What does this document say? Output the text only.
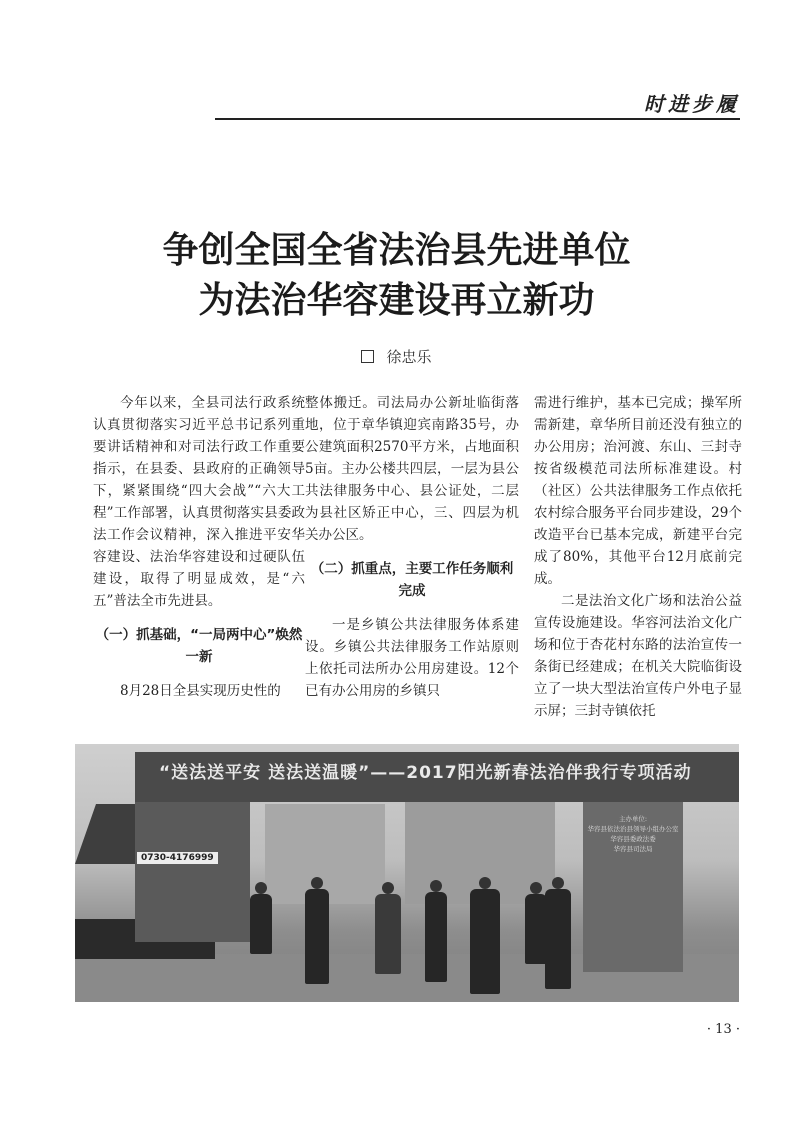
时进步履
争创全国全省法治县先进单位
为法治华容建设再立新功
徐忠乐

今年以来，全县司法行政系统认真贯彻落实习近平总书记系列重要讲话精神和对司法行政工作重要指示，在县委、县政府的正确领导下，紧紧围绕“四大会战”“六大工程”工作部署，认真贯彻落实县委政法工作会议精神，深入推进平安华容建设、法治华容建设和过硬队伍建设，取得了明显成效，是“六五”普法全市先进县。

（一）抓基础，“一局两中心”焕然一新

8月28日全县实现历史性的

整体搬迁。司法局办公新址临街落地，位于章华镇迎宾南路35号，办公建筑面积2570平方米，占地面积5亩。主办公楼共四层，一层为县公共法律服务中心、县公证处，二层为县社区矫正中心，三、四层为机关办公区。

（二）抓重点，主要工作任务顺利完成

一是乡镇公共法律服务体系建设。乡镇公共法律服务工作站原则上依托司法所办公用房建设。12个已有办公用房的乡镇只

需进行维护，基本已完成；操军所需新建，章华所目前还没有独立的办公用房；治河渡、东山、三封寺按省级模范司法所标准建设。村（社区）公共法律服务工作点依托农村综合服务平台同步建设，29个改造平台已基本完成，新建平台完成了80%，其他平台12月底前完成。

二是法治文化广场和法治公益宣传设施建设。华容河法治文化广场和位于杏花村东路的法治宣传一条街已经建成；在机关大院临街设立了一块大型法治宣传户外电子显示屏；三封寺镇依托

“送法送平安 送法送温暖”——2017阳光新春法治伴我行专项活动
0730-4176999
主办单位:
华容县依法治县领导小组办公室
华容县委政法委
华容县司法局
· 13 ·
